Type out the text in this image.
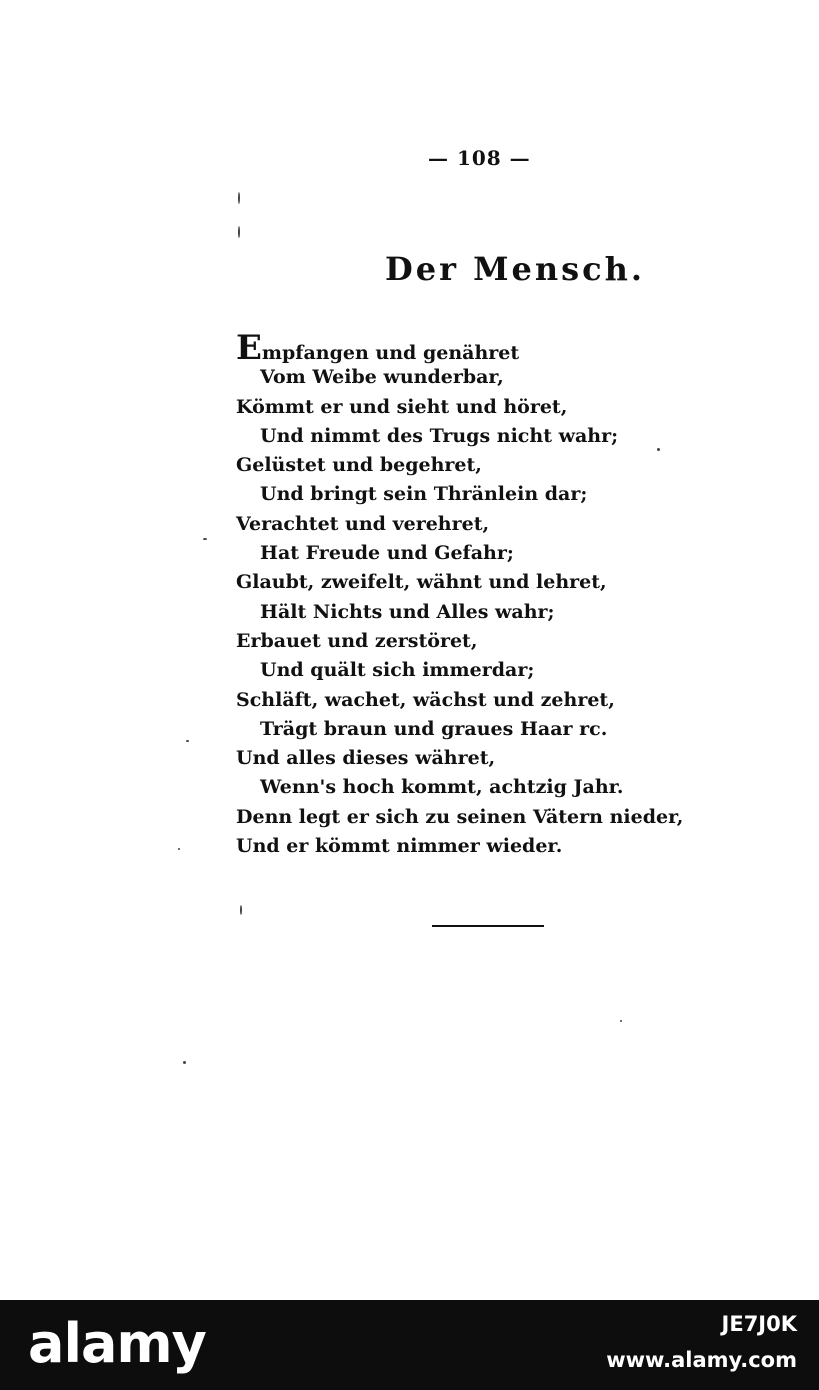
— 108 —
Der Mensch.
Empfangen und genähret
Vom Weibe wunderbar,
Kömmt er und sieht und höret,
Und nimmt des Trugs nicht wahr;
Gelüstet und begehret,
Und bringt sein Thränlein dar;
Verachtet und verehret,
Hat Freude und Gefahr;
Glaubt, zweifelt, wähnt und lehret,
Hält Nichts und Alles wahr;
Erbauet und zerstöret,
Und quält sich immerdar;
Schläft, wachet, wächst und zehret,
Trägt braun und graues Haar rc.
Und alles dieses währet,
Wenn's hoch kommt, achtzig Jahr.
Denn legt er sich zu seinen Vätern nieder,
Und er kömmt nimmer wieder.
alamy	JE7J0K
www.alamy.com
